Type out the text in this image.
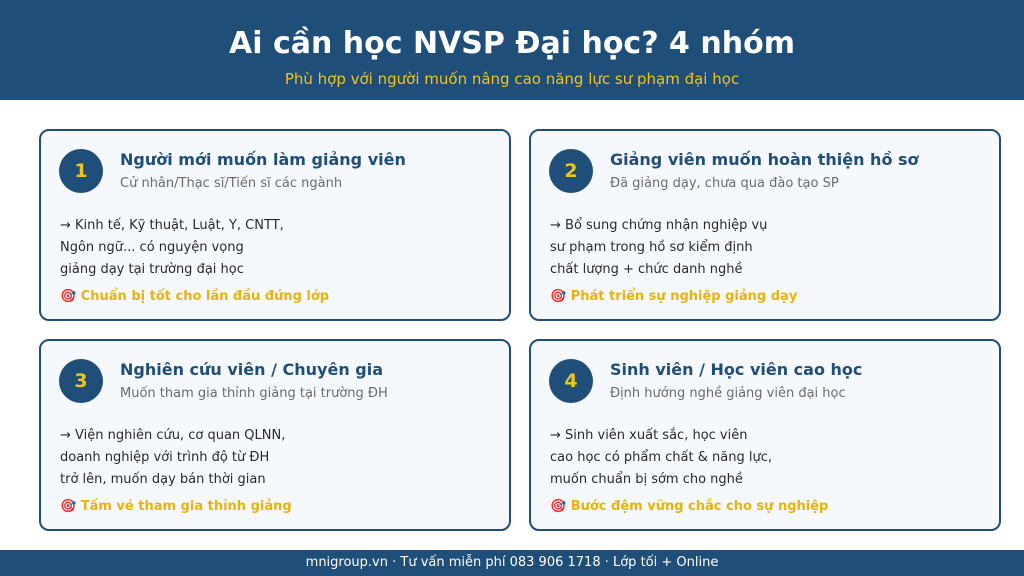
Ai cần học NVSP Đại học? 4 nhóm
Phù hợp với người muốn nâng cao năng lực sư phạm đại học
1
Người mới muốn làm giảng viên
Cử nhân/Thạc sĩ/Tiến sĩ các ngành
→ Kinh tế, Kỹ thuật, Luật, Y, CNTT,
Ngôn ngữ... có nguyện vọng
giảng dạy tại trường đại học
🎯 Chuẩn bị tốt cho lần đầu đứng lớp
2
Giảng viên muốn hoàn thiện hồ sơ
Đã giảng dạy, chưa qua đào tạo SP
→ Bổ sung chứng nhận nghiệp vụ
sư phạm trong hồ sơ kiểm định
chất lượng + chức danh nghề
🎯 Phát triển sự nghiệp giảng dạy
3
Nghiên cứu viên / Chuyên gia
Muốn tham gia thỉnh giảng tại trường ĐH
→ Viện nghiên cứu, cơ quan QLNN,
doanh nghiệp với trình độ từ ĐH
trở lên, muốn dạy bán thời gian
🎯 Tấm vé tham gia thỉnh giảng
4
Sinh viên / Học viên cao học
Định hướng nghề giảng viên đại học
→ Sinh viên xuất sắc, học viên
cao học có phẩm chất & năng lực,
muốn chuẩn bị sớm cho nghề
🎯 Bước đệm vững chắc cho sự nghiệp
mnigroup.vn · Tư vấn miễn phí 083 906 1718 · Lớp tối + Online
